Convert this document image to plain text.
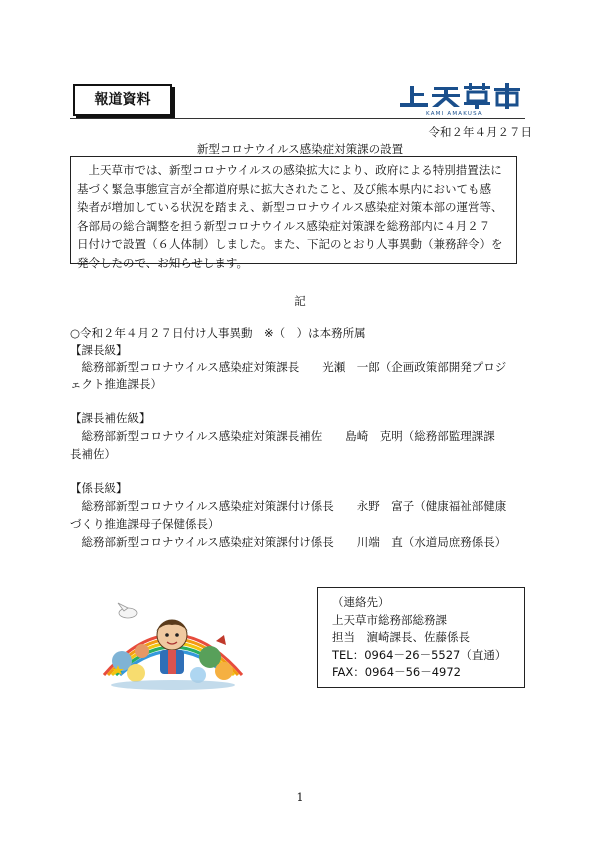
報道資料
KAMI AMAKUSA
令和２年４月２７日
新型コロナウイルス感染症対策課の設置
　上天草市では、新型コロナウイルスの感染拡大により、政府による特別措置法に
基づく緊急事態宣言が全都道府県に拡大されたこと、及び熊本県内においても感
染者が増加している状況を踏まえ、新型コロナウイルス感染症対策本部の運営等、
各部局の総合調整を担う新型コロナウイルス感染症対策課を総務部内に４月２７
日付けで設置（６人体制）しました。また、下記のとおり人事異動（兼務辞令）を
発令したので、お知らせします。
記
○令和２年４月２７日付け人事異動　※（　）は本務所属
【課長級】
　総務部新型コロナウイルス感染症対策課長　　光瀬　一郎（企画政策部開発プロジ
ェクト推進課長）
【課長補佐級】
　総務部新型コロナウイルス感染症対策課長補佐　　島崎　克明（総務部監理課課
長補佐）
【係長級】
　総務部新型コロナウイルス感染症対策課付け係長　　永野　富子（健康福祉部健康
づくり推進課母子保健係長）
　総務部新型コロナウイルス感染症対策課付け係長　　川端　直（水道局庶務係長）
（連絡先）
上天草市総務部総務課
担当　濵崎課長、佐藤係長
TEL：0964－26－5527（直通）
FAX：0964－56－4972
1
